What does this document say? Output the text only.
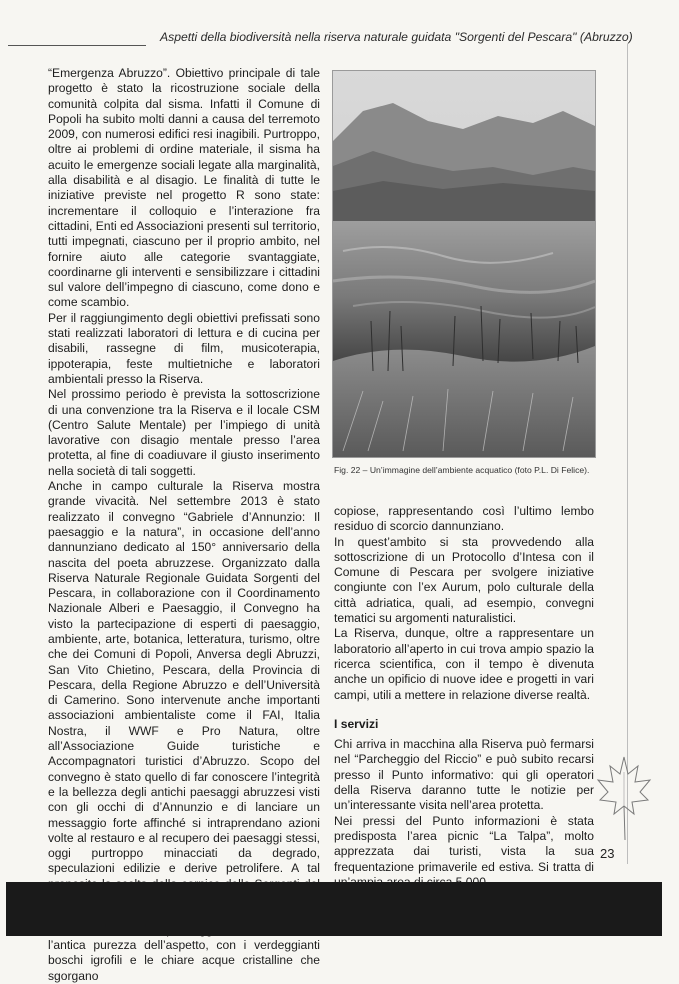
Aspetti della biodiversità nella riserva naturale guidata "Sorgenti del Pescara" (Abruzzo)

“Emergenza Abruzzo”. Obiettivo principale di tale progetto è stato la ricostruzione sociale della comunità colpita dal sisma. Infatti il Comune di Popoli ha subito molti danni a causa del terremoto 2009, con numerosi edifici resi inagibili. Purtroppo, oltre ai problemi di ordine materiale, il sisma ha acuito le emergenze sociali legate alla marginalità, alla disabilità e al disagio. Le finalità di tutte le iniziative previste nel progetto R sono state: incrementare il colloquio e l’interazione fra cittadini, Enti ed Associazioni presenti sul territorio, tutti impegnati, ciascuno per il proprio ambito, nel fornire aiuto alle categorie svantaggiate, coordinarne gli interventi e sensibilizzare i cittadini sul valore dell’impegno di ciascuno, come dono e come scambio.

Per il raggiungimento degli obiettivi prefissati sono stati realizzati laboratori di lettura e di cucina per disabili, rassegne di film, musicoterapia, ippoterapia, feste multietniche e laboratori ambientali presso la Riserva.

Nel prossimo periodo è prevista la sottoscrizione di una convenzione tra la Riserva e il locale CSM (Centro Salute Mentale) per l’impiego di unità lavorative con disagio mentale presso l’area protetta, al fine di coadiuvare il giusto inserimento nella società di tali soggetti.

Anche in campo culturale la Riserva mostra grande vivacità. Nel settembre 2013 è stato realizzato il convegno “Gabriele d’Annunzio: Il paesaggio e la natura”, in occasione dell’anno dannunziano dedicato al 150° anniversario della nascita del poeta abruzzese. Organizzato dalla Riserva Naturale Regionale Guidata Sorgenti del Pescara, in collaborazione con il Coordinamento Nazionale Alberi e Paesaggio, il Convegno ha visto la partecipazione di esperti di paesaggio, ambiente, arte, botanica, letteratura, turismo, oltre che dei Comuni di Popoli, Anversa degli Abruzzi, San Vito Chietino, Pescara, della Provincia di Pescara, della Regione Abruzzo e dell’Università di Camerino. Sono intervenute anche importanti associazioni ambientaliste come il FAI, Italia Nostra, il WWF e Pro Natura, oltre all’Associazione Guide turistiche e Accompagnatori turistici d’Abruzzo. Scopo del convegno è stato quello di far conoscere l’integrità e la bellezza degli antichi paesaggi abruzzesi visti con gli occhi di d’Annunzio e di lanciare un messaggio forte affinché si intraprendano azioni volte al restauro e al recupero dei paesaggi stessi, oggi purtroppo minacciati da degrado, speculazioni edilizie e derive petrolifere. A tal l’antica purezza dell’aspetto, con i verdeggianti boschi igrofili e le chiare acque cristalline che sgorgano

Fig. 22 – Un’immagine dell’ambiente acquatico (foto P.L. Di Felice).

copiose, rappresentando così l’ultimo lembo residuo di scorcio dannunziano.

In quest’ambito si sta provvedendo alla sottoscrizione di un Protocollo d’Intesa con il Comune di Pescara per svolgere iniziative congiunte con l’ex Aurum, polo culturale della città adriatica, quali, ad esempio, convegni tematici su argomenti naturalistici.

La Riserva, dunque, oltre a rappresentare un laboratorio all’aperto in cui trova ampio spazio la ricerca scientifica, con il tempo è divenuta anche un opificio di nuove idee e progetti in vari campi, utili a mettere in relazione diverse realtà.

I servizi

Chi arriva in macchina alla Riserva può fermarsi nel “Parcheggio del Riccio” e può subito recarsi presso il Punto informativo: qui gli operatori della Riserva daranno tutte le notizie per un’interessante visita nell’area protetta.

Nei pressi del Punto informazioni è stata predisposta l’area picnic “La Talpa”, molto apprezzata dai turisti, vista la sua frequentazione primaverile ed estiva. Si tratta di

23
